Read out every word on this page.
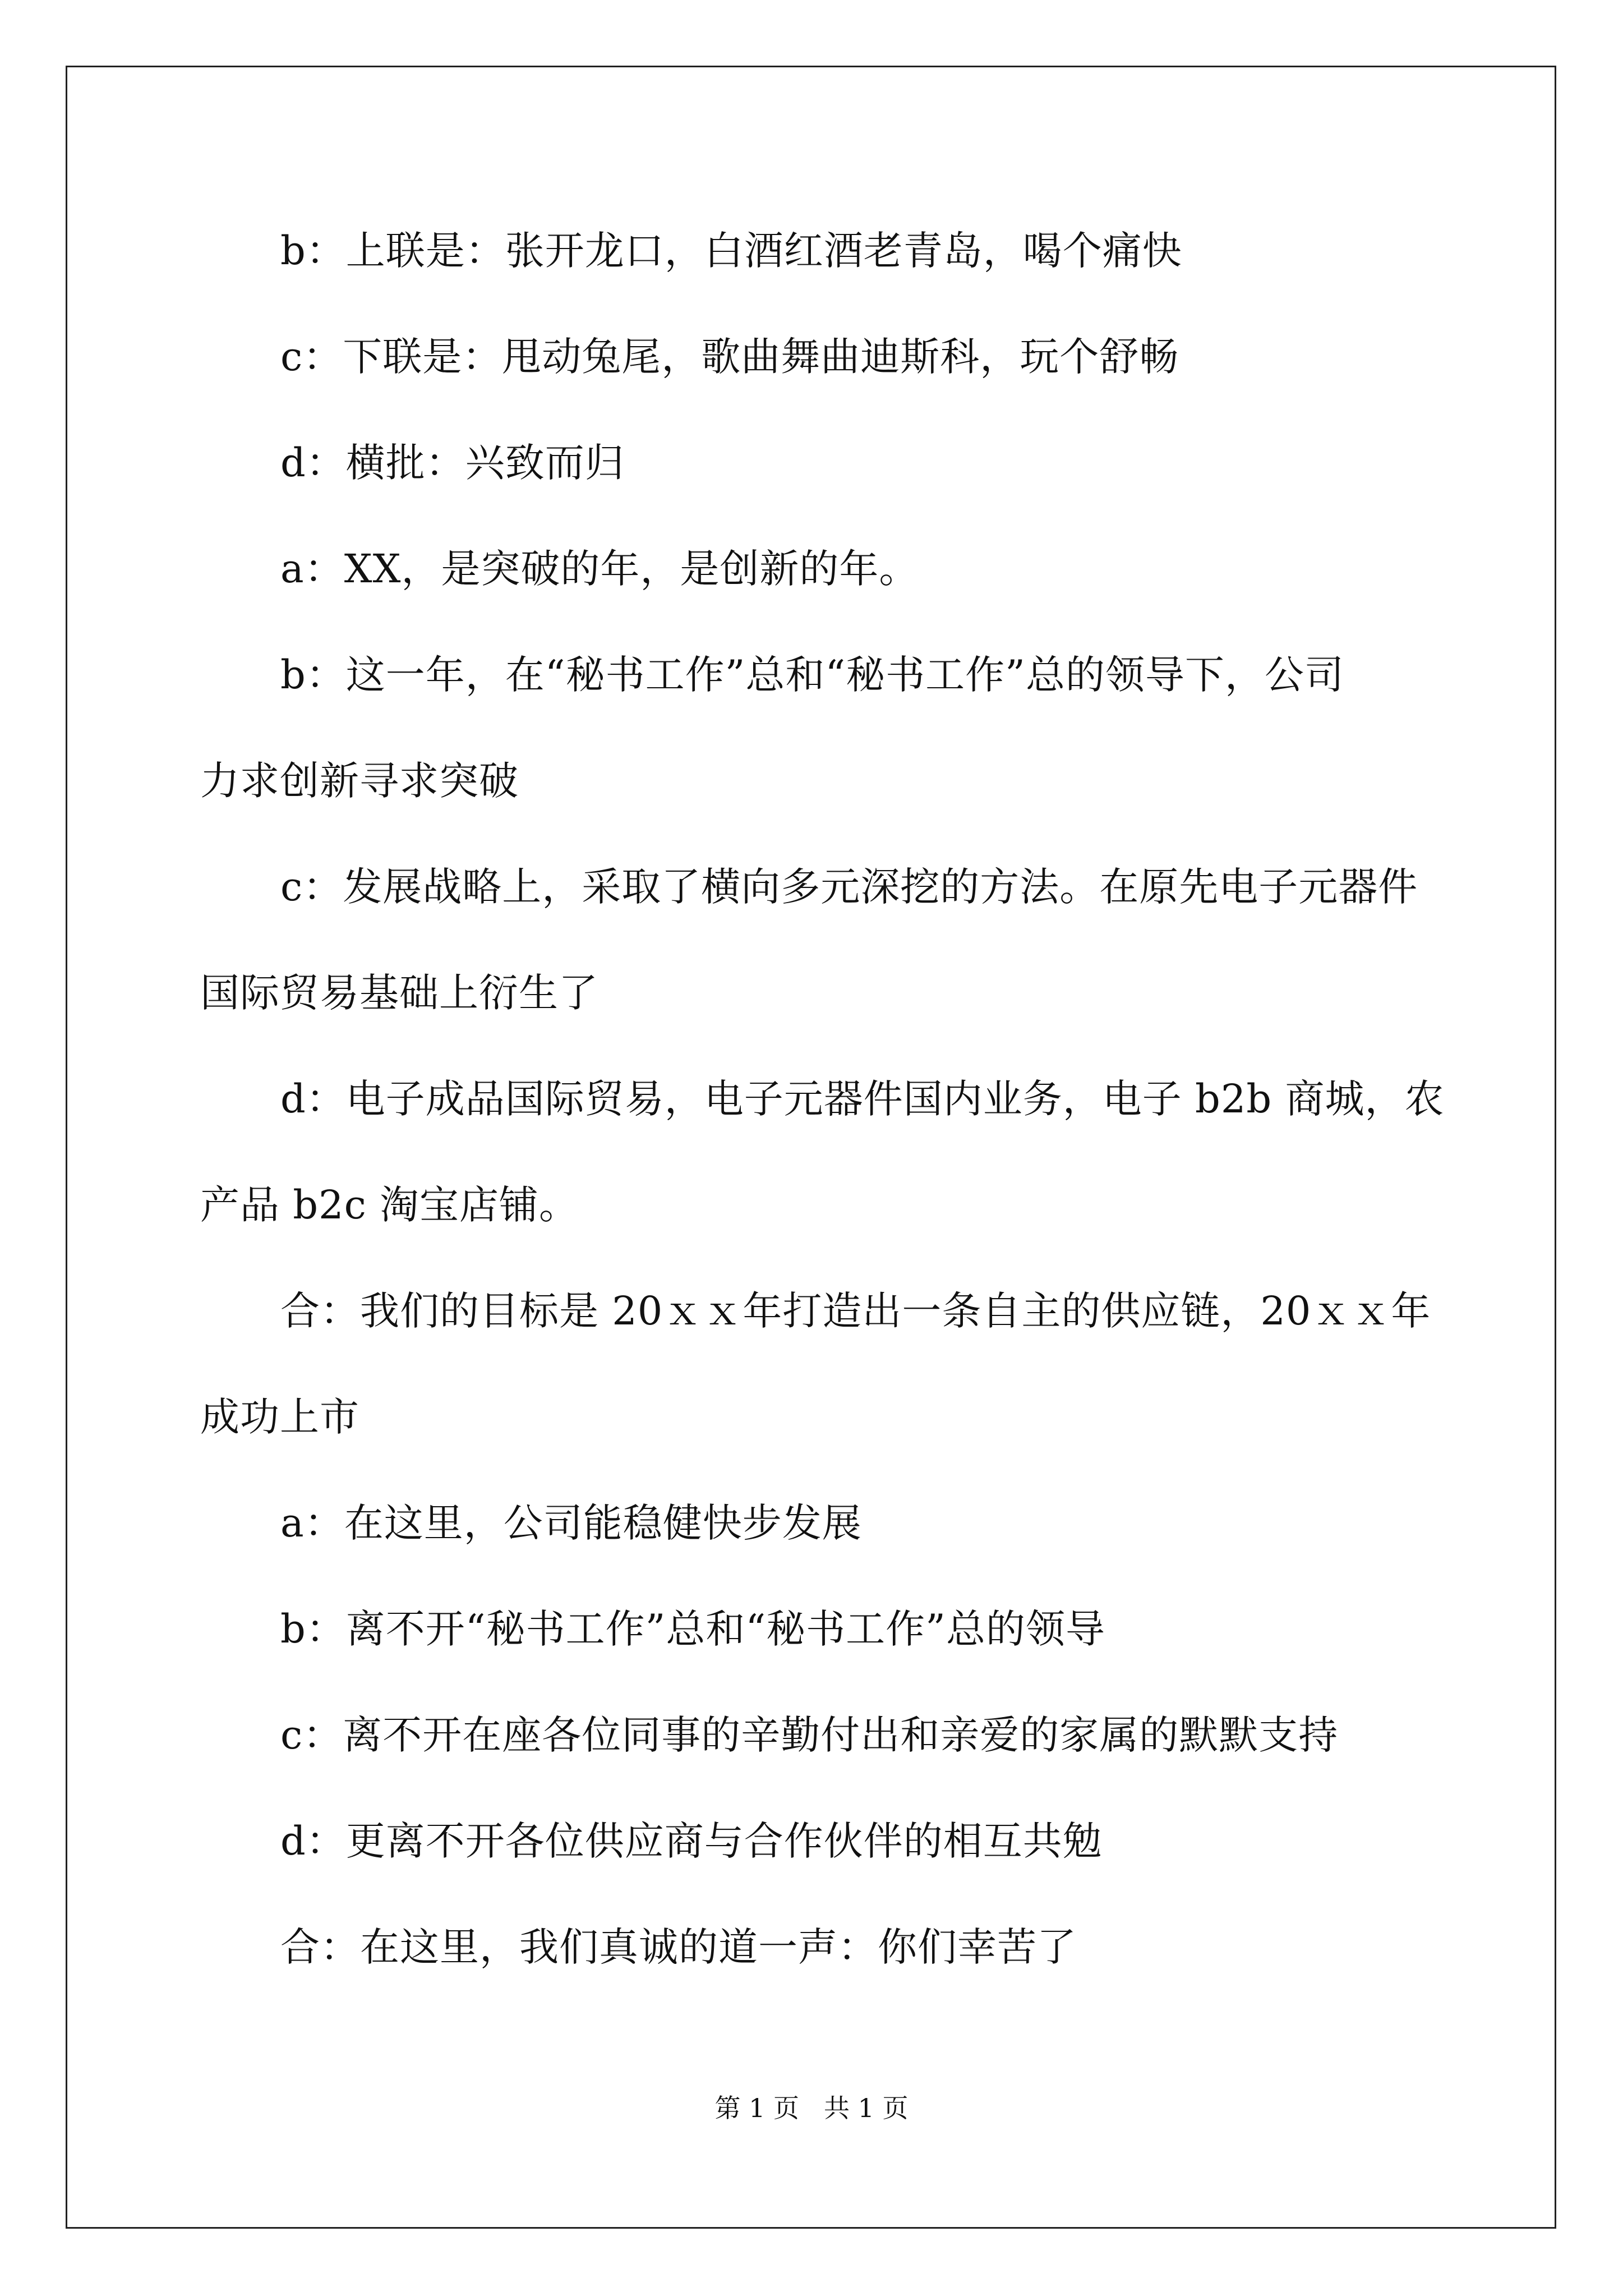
b：上联是：张开龙口，白酒红酒老青岛，喝个痛快
c：下联是：甩动兔尾，歌曲舞曲迪斯科，玩个舒畅
d：横批：兴致而归
a：XX，是突破的年，是创新的年。
b：这一年，在“秘书工作”总和“秘书工作”总的领导下，公司
力求创新寻求突破
c：发展战略上，采取了横向多元深挖的方法。在原先电子元器件
国际贸易基础上衍生了
d：电子成品国际贸易，电子元器件国内业务，电子 b2b 商城，农
产品 b2c 淘宝店铺。
合：我们的目标是 20ｘｘ年打造出一条自主的供应链，20ｘｘ年
成功上市
a：在这里，公司能稳健快步发展
b：离不开“秘书工作”总和“秘书工作”总的领导
c：离不开在座各位同事的辛勤付出和亲爱的家属的默默支持
d：更离不开各位供应商与合作伙伴的相互共勉
合：在这里，我们真诚的道一声：你们幸苦了
第 1 页 共 1 页
